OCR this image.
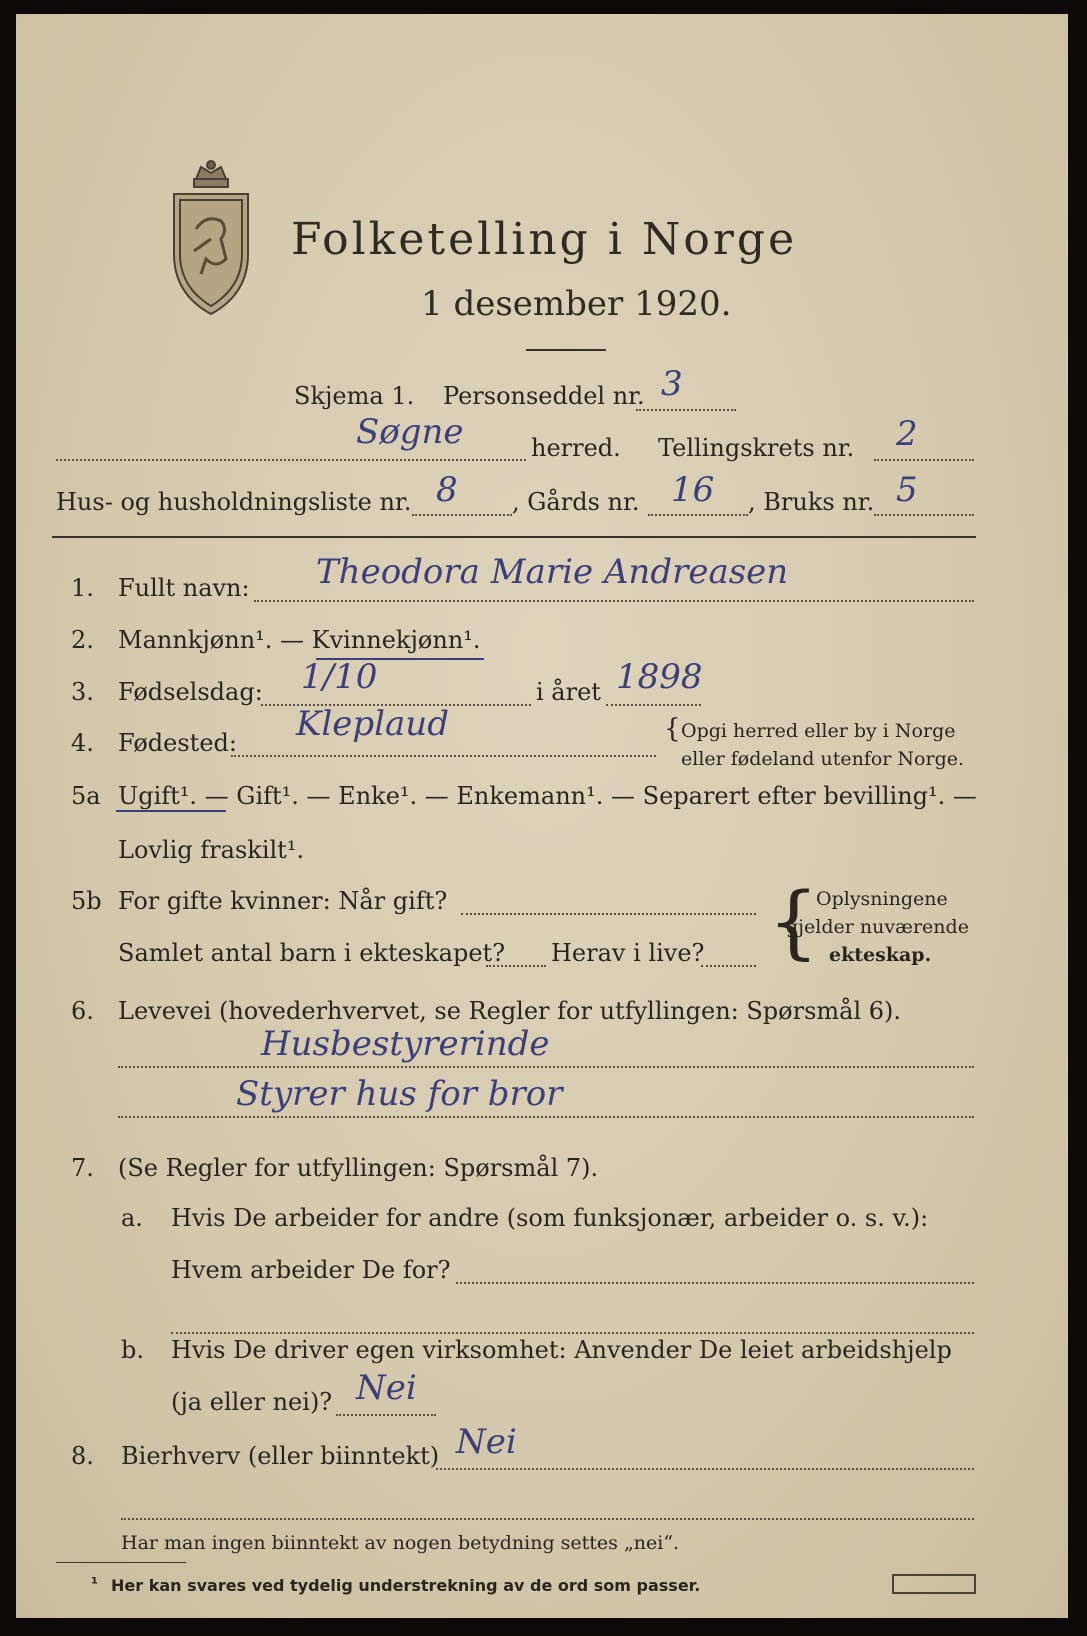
Folketelling i Norge
1 desember 1920.
Skjema 1. Personseddel nr. 3
Søgne	herred. Tellingskrets nr. 2
Hus- og husholdningsliste nr. 8 , Gårds nr. 16 , Bruks nr. 5
1. Fullt navn: Theodora Marie Andreasen
2. Mannkjønn¹. — Kvinnekjønn¹.
3. Fødselsdag: 1/10	i året 1898
4. Fødested: Kleplaud	{ Opgi herred eller by i Norge
eller fødeland utenfor Norge.
5a Ugift¹. — Gift¹. — Enke¹. — Enkemann¹. — Separert efter bevilling¹. —
Lovlig fraskilt¹.
5b For gifte kvinner: Når gift?
Samlet antal barn i ekteskapet? Herav i live? {
Oplysningene
gjelder nuværende
ekteskap.
6. Levevei (hovederhvervet, se Regler for utfyllingen: Spørsmål 6).
Husbestyrerinde
Styrer hus for bror
7. (Se Regler for utfyllingen: Spørsmål 7).
a. Hvis De arbeider for andre (som funksjonær, arbeider o. s. v.):
Hvem arbeider De for?
b. Hvis De driver egen virksomhet: Anvender De leiet arbeidshjelp
(ja eller nei)? Nei
8. Bierhverv (eller biinntekt) Nei
Har man ingen biinntekt av nogen betydning settes „nei“.
¹ Her kan svares ved tydelig understrekning av de ord som passer.
